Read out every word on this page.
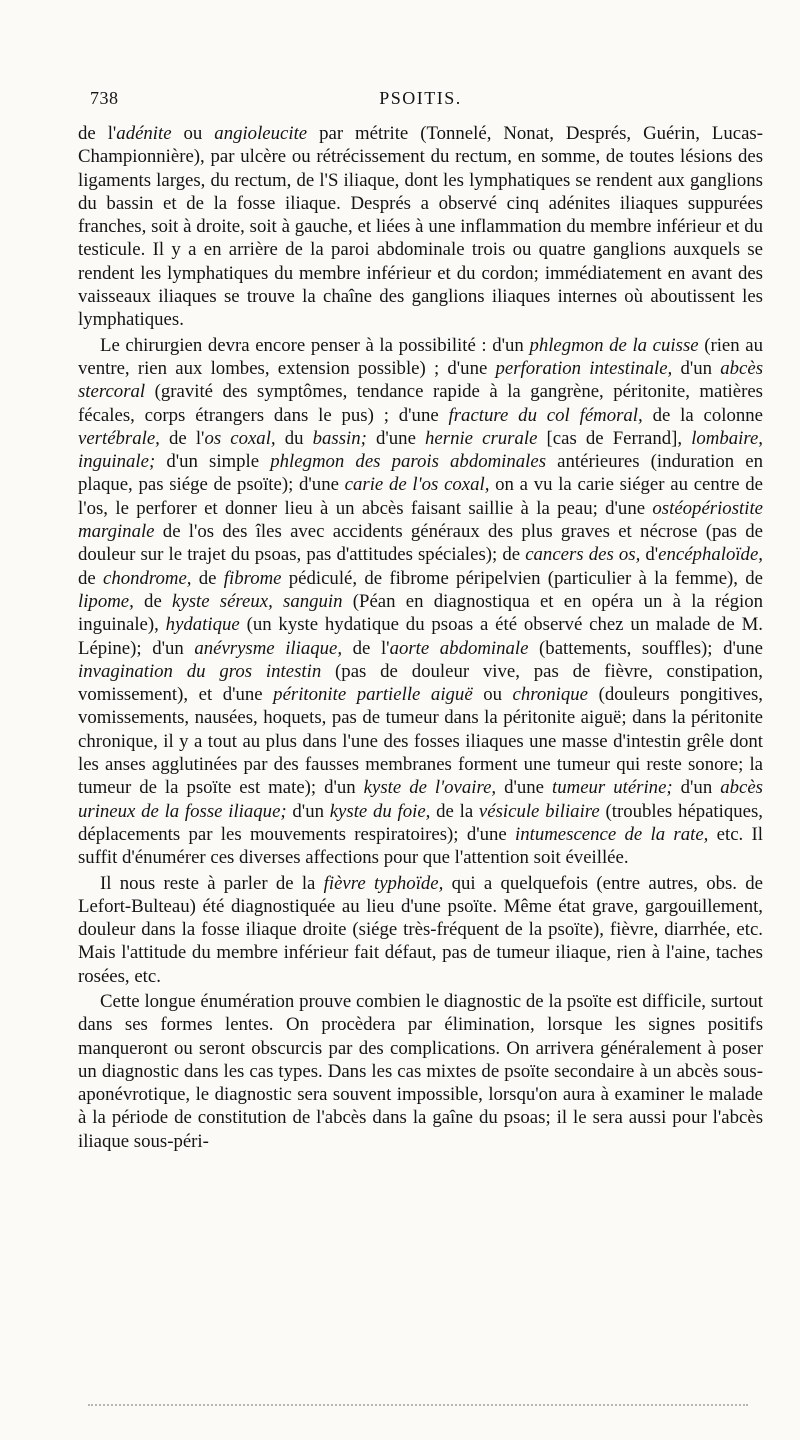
738	PSOITIS.

de l'adénite ou angioleucite par métrite (Tonnelé, Nonat, Després, Guérin, Lucas-Championnière), par ulcère ou rétrécissement du rectum, en somme, de toutes lésions des ligaments larges, du rectum, de l'S iliaque, dont les lymphatiques se rendent aux ganglions du bassin et de la fosse iliaque. Després a observé cinq adénites iliaques suppurées franches, soit à droite, soit à gauche, et liées à une inflammation du membre inférieur et du testicule. Il y a en arrière de la paroi abdominale trois ou quatre ganglions auxquels se rendent les lymphatiques du membre inférieur et du cordon; immédiatement en avant des vaisseaux iliaques se trouve la chaîne des ganglions iliaques internes où aboutissent les lymphatiques.

Le chirurgien devra encore penser à la possibilité : d'un phlegmon de la cuisse (rien au ventre, rien aux lombes, extension possible) ; d'une perforation intestinale, d'un abcès stercoral (gravité des symptômes, tendance rapide à la gangrène, péritonite, matières fécales, corps étrangers dans le pus) ; d'une fracture du col fémoral, de la colonne vertébrale, de l'os coxal, du bassin; d'une hernie crurale [cas de Ferrand], lombaire, inguinale; d'un simple phlegmon des parois abdominales antérieures (induration en plaque, pas siége de psoïte); d'une carie de l'os coxal, on a vu la carie siéger au centre de l'os, le perforer et donner lieu à un abcès faisant saillie à la peau; d'une ostéopériostite marginale de l'os des îles avec accidents généraux des plus graves et nécrose (pas de douleur sur le trajet du psoas, pas d'attitudes spéciales); de cancers des os, d'encéphaloïde, de chondrome, de fibrome pédiculé, de fibrome péripelvien (particulier à la femme), de lipome, de kyste séreux, sanguin (Péan en diagnostiqua et en opéra un à la région inguinale), hydatique (un kyste hydatique du psoas a été observé chez un malade de M. Lépine); d'un anévrysme iliaque, de l'aorte abdominale (battements, souffles); d'une invagination du gros intestin (pas de douleur vive, pas de fièvre, constipation, vomissement), et d'une péritonite partielle aiguë ou chronique (douleurs pongitives, vomissements, nausées, hoquets, pas de tumeur dans la péritonite aiguë; dans la péritonite chronique, il y a tout au plus dans l'une des fosses iliaques une masse d'intestin grêle dont les anses agglutinées par des fausses membranes forment une tumeur qui reste sonore; la tumeur de la psoïte est mate); d'un kyste de l'ovaire, d'une tumeur utérine; d'un abcès urineux de la fosse iliaque; d'un kyste du foie, de la vésicule biliaire (troubles hépatiques, déplacements par les mouvements respiratoires); d'une intumescence de la rate, etc. Il suffit d'énumérer ces diverses affections pour que l'attention soit éveillée.

Il nous reste à parler de la fièvre typhoïde, qui a quelquefois (entre autres, obs. de Lefort-Bulteau) été diagnostiquée au lieu d'une psoïte. Même état grave, gargouillement, douleur dans la fosse iliaque droite (siége très-fréquent de la psoïte), fièvre, diarrhée, etc. Mais l'attitude du membre inférieur fait défaut, pas de tumeur iliaque, rien à l'aine, taches rosées, etc.

Cette longue énumération prouve combien le diagnostic de la psoïte est difficile, surtout dans ses formes lentes. On procèdera par élimination, lorsque les signes positifs manqueront ou seront obscurcis par des complications. On arrivera généralement à poser un diagnostic dans les cas types. Dans les cas mixtes de psoïte secondaire à un abcès sous-aponévrotique, le diagnostic sera souvent impossible, lorsqu'on aura à examiner le malade à la période de constitution de l'abcès dans la gaîne du psoas; il le sera aussi pour l'abcès iliaque sous-péri-
